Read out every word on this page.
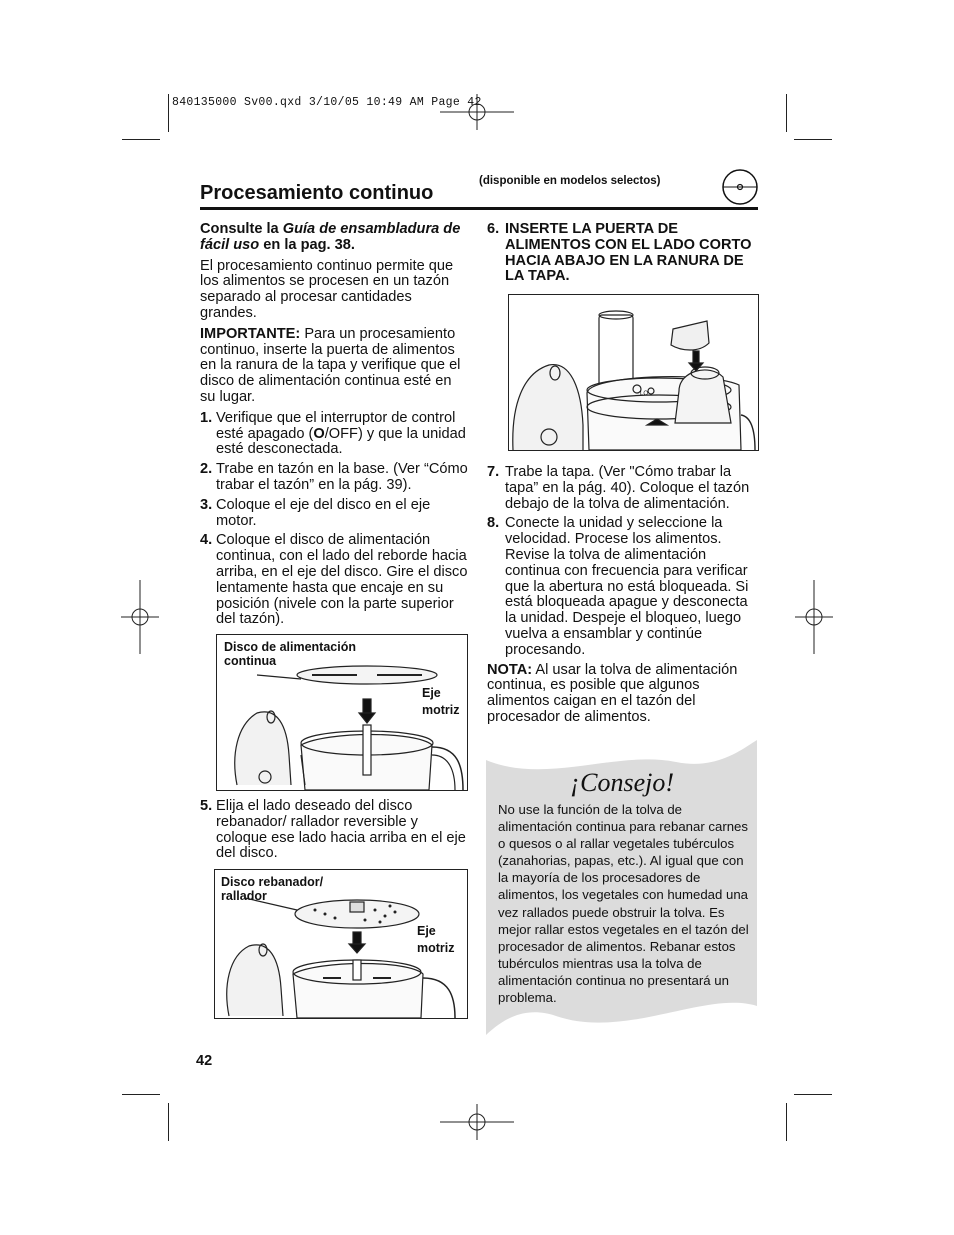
840135000 Sv00.qxd 3/10/05 10:49 AM Page 42
Procesamiento continuo
(disponible en modelos selectos)

Consulte la Guía de ensambladura de fácil uso en la pag. 38.

El procesamiento continuo permite que los alimentos se procesen en un tazón separado al procesar cantidades grandes.

IMPORTANTE: Para un procesamiento continuo, inserte la puerta de alimentos en la ranura de la tapa y verifique que el disco de alimentación continua esté en su lugar.

1. Verifique que el interruptor de control esté apagado (O/OFF) y que la unidad esté desconectada.
2. Trabe en tazón en la base. (Ver “Cómo trabar el tazón” en la pág. 39).
3. Coloque el eje del disco en el eje motor.
4. Coloque el disco de alimentación continua, con el lado del reborde hacia arriba, en el eje del disco. Gire el disco lentamente hasta que encaje en su posición (nivele con la parte superior del tazón).
Disco de alimentación continua
Eje motriz
5. Elija el lado deseado del disco rebanador/ rallador reversible y coloque ese lado hacia arriba en el eje del disco.
Disco rebanador/ rallador
Eje motriz
6. INSERTE LA PUERTA DE ALIMENTOS CON EL LADO CORTO HACIA ABAJO EN LA RANURA DE LA TAPA.
LO
7. Trabe la tapa. (Ver "Cómo trabar la tapa” en la pág. 40). Coloque el tazón debajo de la tolva de alimentación.
8. Conecte la unidad y seleccione la velocidad. Procese los alimentos. Revise la tolva de alimentación continua con frecuencia para verificar que la abertura no está bloqueada. Si está bloqueada apague y desconecta la unidad. Despeje el bloqueo, luego vuelva a ensamblar y continúe procesando.

NOTA: Al usar la tolva de alimentación continua, es posible que algunos alimentos caigan en el tazón del procesador de alimentos.

¡Consejo!
No use la función de la tolva de alimentación continua para rebanar carnes o quesos o al rallar vegetales tubérculos (zanahorias, papas, etc.). Al igual que con la mayoría de los procesadores de alimentos, los vegetales con humedad una vez rallados puede obstruir la tolva. Es mejor rallar estos vegetales en el tazón del procesador de alimentos. Rebanar estos tubérculos mientras usa la tolva de alimentación continua no presentará un problema.
42
